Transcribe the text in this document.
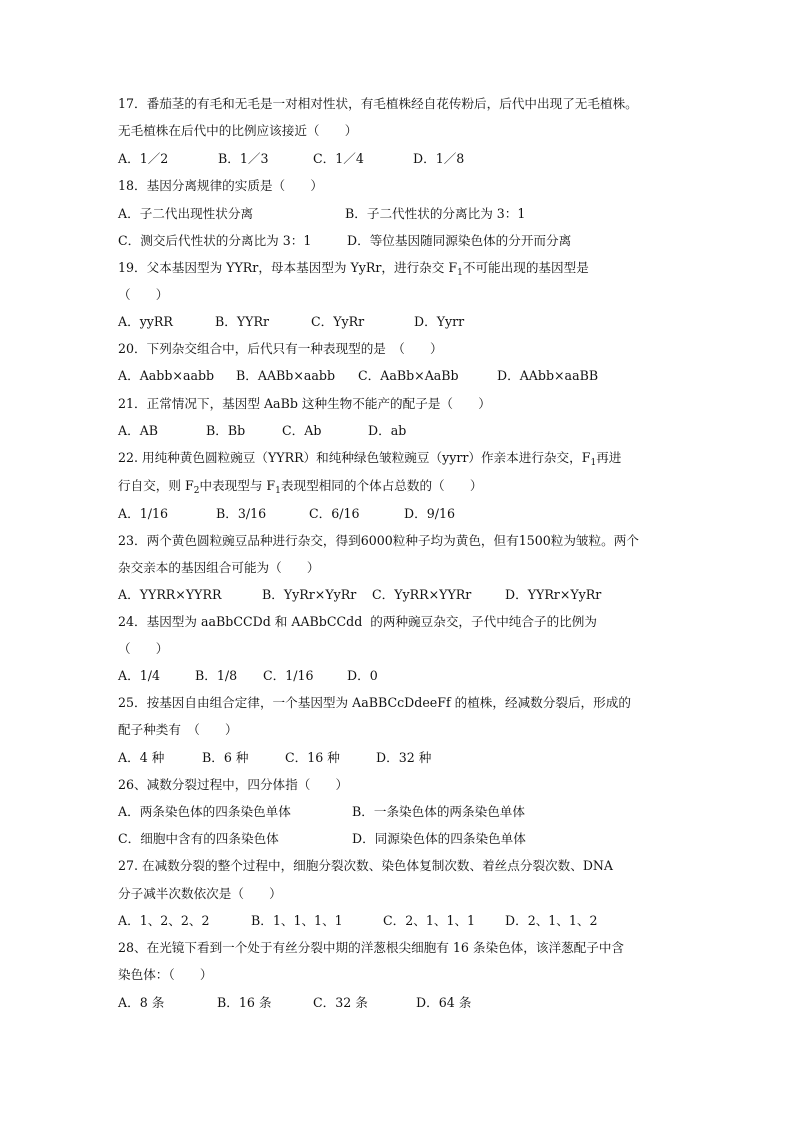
17．番茄茎的有毛和无毛是一对相对性状，有毛植株经自花传粉后，后代中出现了无毛植株。
无毛植株在后代中的比例应该接近（　　）
A．1／2	B．1／3	C．1／4	D．1／8
18．基因分离规律的实质是（　　）
A．子二代出现性状分离	B．子二代性状的分离比为 3：1
C．测交后代性状的分离比为 3：1	D．等位基因随同源染色体的分开而分离
19．父本基因型为 YYRr，母本基因型为 YyRr，进行杂交 $F_1$不可能出现的基因型是
（　　）
A．yyRR	B．YYRr	C．YyRr	D．Yyrr
20．下列杂交组合中，后代只有一种表现型的是　（　　）
A．Aabb×aabb B．AABb×aabb C．AaBb×AaBb	D．AAbb×aaBB
21．正常情况下，基因型 AaBb 这种生物不能产的配子是（　　）
A．AB	B．Bb	C．Ab	D．ab
22. 用纯种黄色圆粒豌豆（YYRR）和纯种绿色皱粒豌豆（yyrr）作亲本进行杂交，$F_1$再进
行自交，则 $F_2$中表现型与 $F_1$表现型相同的个体占总数的（　　）
A．1/16	B．3/16	C．6/16	D．9/16
23．两个黄色圆粒豌豆品种进行杂交，得到6000粒种子均为黄色，但有1500粒为皱粒。两个
杂交亲本的基因组合可能为（　　）
A．YYRR×YYRR	B．YyRr×YyRr C．YyRR×YYRr	D．YYRr×YyRr
24．基因型为 aaBbCCDd 和 AABbCCdd  的两种豌豆杂交，子代中纯合子的比例为
（　　）
A．1/4	B．1/8 C．1/16	D．0
25．按基因自由组合定律，一个基因型为 AaBBCcDdeeFf 的植株，经减数分裂后，形成的
配子种类有　（　　）
A．4 种	B．6 种	C．16 种	D．32 种
26、减数分裂过程中，四分体指（　　）
A．两条染色体的四条染色单体	B．一条染色体的两条染色单体
C．细胞中含有的四条染色体	D．同源染色体的四条染色单体
27. 在减数分裂的整个过程中，细胞分裂次数、染色体复制次数、着丝点分裂次数、DNA
分子减半次数依次是（　　）
A．1、2、2、2	B．1、1、1、1	C．2、1、1、1 D．2、1、1、2
28、在光镜下看到一个处于有丝分裂中期的洋葱根尖细胞有 16 条染色体，该洋葱配子中含
染色体：（　　）
A．8 条	B．16 条	C．32 条	D．64 条
